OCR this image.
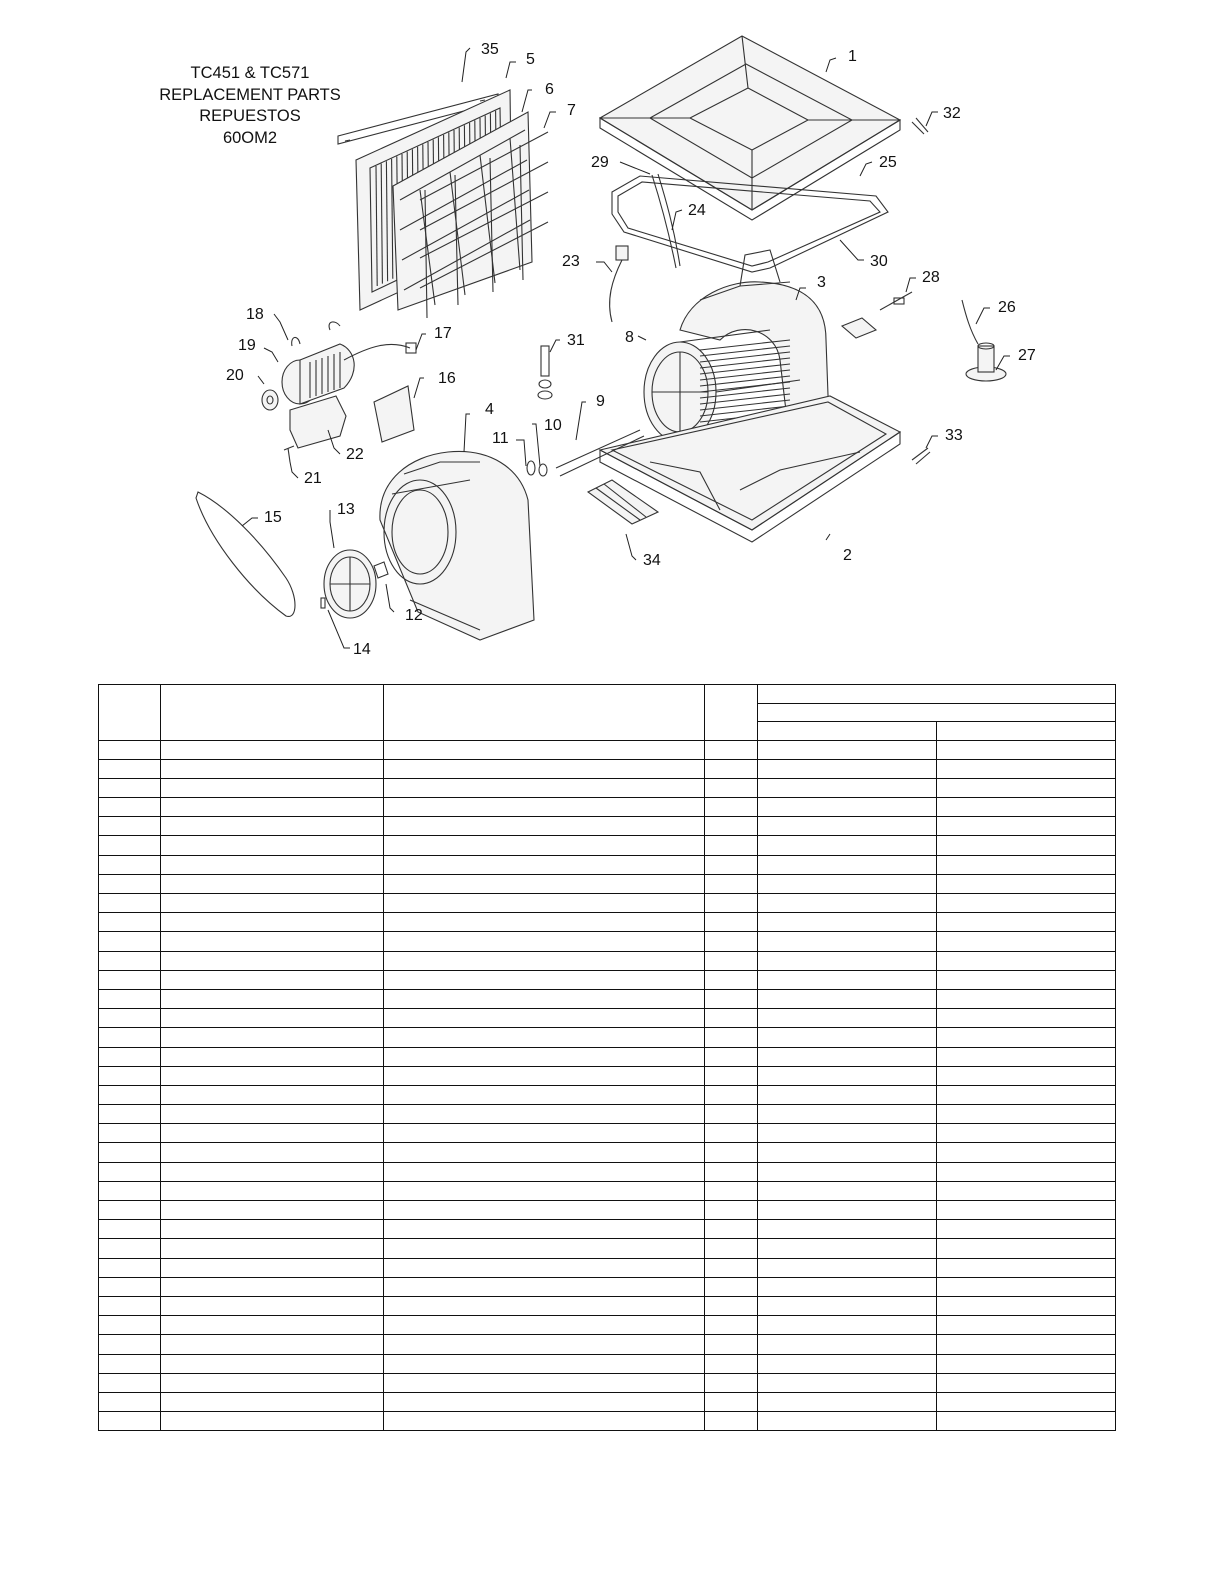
TC451 & TC571
REPLACEMENT PARTS
REPUESTOS
60OM2
1
2
3
4
5
6
7
8
9
10
11
12
13
14
15
16
17
18
19
20
21
22
23
24
25
26
27
28
29
30
31
32
33
34
35
